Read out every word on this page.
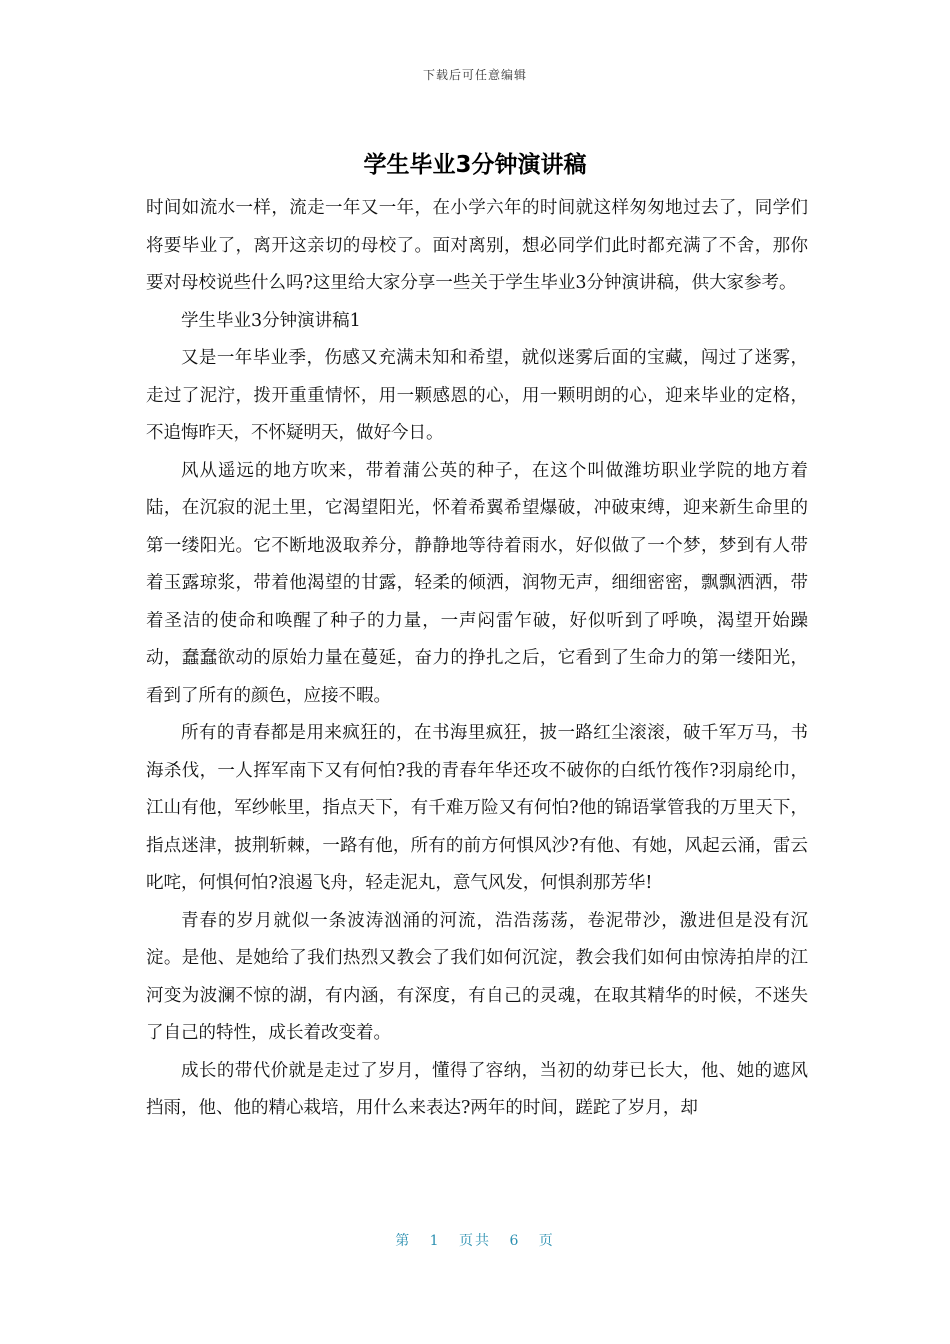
下载后可任意编辑
学生毕业3分钟演讲稿

时间如流水一样，流走一年又一年，在小学六年的时间就这样匆匆地过去了，同学们将要毕业了，离开这亲切的母校了。面对离别，想必同学们此时都充满了不舍，那你要对母校说些什么吗?这里给大家分享一些关于学生毕业3分钟演讲稿，供大家参考。

学生毕业3分钟演讲稿1

又是一年毕业季，伤感又充满未知和希望，就似迷雾后面的宝藏，闯过了迷雾，走过了泥泞，拨开重重情怀，用一颗感恩的心，用一颗明朗的心，迎来毕业的定格，不追悔昨天，不怀疑明天，做好今日。

风从遥远的地方吹来，带着蒲公英的种子，在这个叫做潍坊职业学院的地方着陆，在沉寂的泥土里，它渴望阳光，怀着希翼希望爆破，冲破束缚，迎来新生命里的第一缕阳光。它不断地汲取养分，静静地等待着雨水，好似做了一个梦，梦到有人带着玉露琼浆，带着他渴望的甘露，轻柔的倾洒，润物无声，细细密密，飘飘洒洒，带着圣洁的使命和唤醒了种子的力量，一声闷雷乍破，好似听到了呼唤，渴望开始躁动，蠢蠢欲动的原始力量在蔓延，奋力的挣扎之后，它看到了生命力的第一缕阳光，看到了所有的颜色，应接不暇。

所有的青春都是用来疯狂的，在书海里疯狂，披一路红尘滚滚，破千军万马，书海杀伐，一人挥军南下又有何怕?我的青春年华还攻不破你的白纸竹筏作?羽扇纶巾，江山有他，军纱帐里，指点天下，有千难万险又有何怕?他的锦语掌管我的万里天下，指点迷津，披荆斩棘，一路有他，所有的前方何惧风沙?有他、有她，风起云涌，雷云叱咤，何惧何怕?浪遏飞舟，轻走泥丸，意气风发，何惧刹那芳华!

青春的岁月就似一条波涛汹涌的河流，浩浩荡荡，卷泥带沙，激进但是没有沉淀。是他、是她给了我们热烈又教会了我们如何沉淀，教会我们如何由惊涛拍岸的江河变为波澜不惊的湖，有内涵，有深度，有自己的灵魂，在取其精华的时候，不迷失了自己的特性，成长着改变着。

成长的带代价就是走过了岁月，懂得了容纳，当初的幼芽已长大，他、她的遮风挡雨，他、他的精心栽培，用什么来表达?两年的时间，蹉跎了岁月，却

第 1 页共 6 页
